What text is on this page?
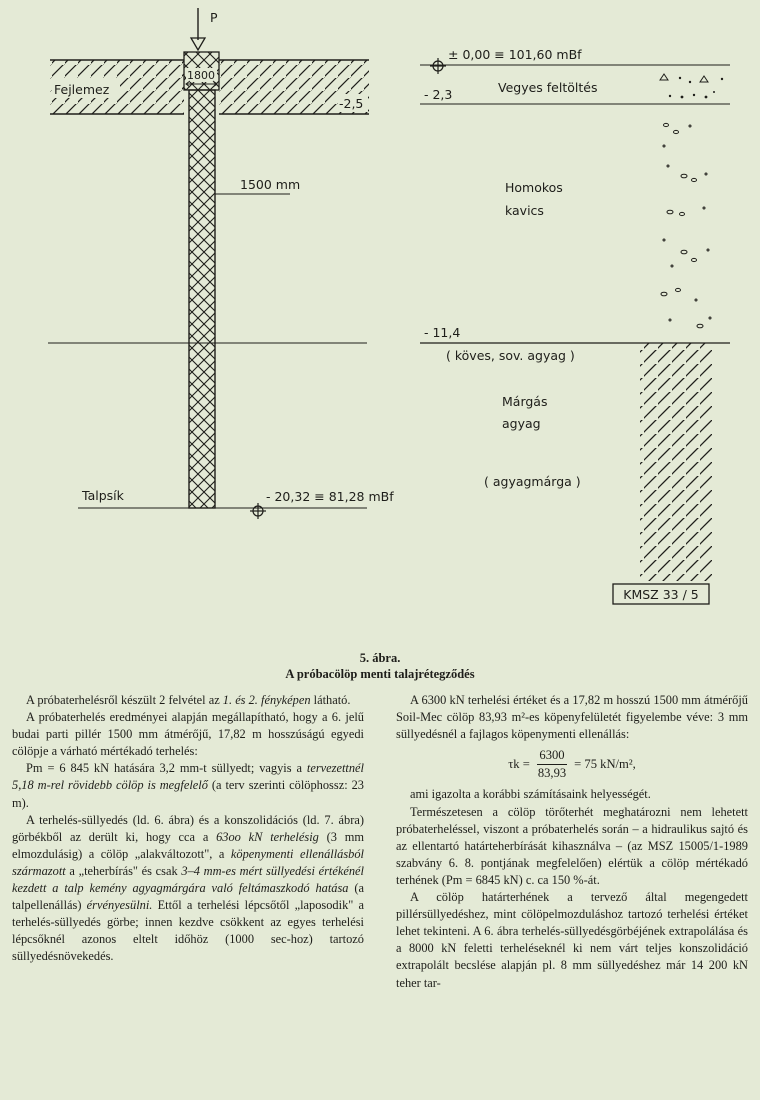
P
1800
Fejlemez
-2,5
1500 mm
Talpsík	- 20,32 ≡ 81,28 mBf
± 0,00 ≡ 101,60 mBf
Vegyes feltöltés
- 2,3
Homokos
kavics
- 11,4
( köves, sov. agyag )
Márgás
agyag
( agyagmárga )
KMSZ 33 / 5
5. ábra.
A próbacölöp menti talajrétegződés

A próbaterhelésről készült 2 felvétel az 1. és 2. fényképen látható.

A próbaterhelés eredményei alapján megállapítható, hogy a 6. jelű budai parti pillér 1500 mm átmérőjű, 17,82 m hosszúságú egyedi cölöpje a várható mértékadó terhelés:

Pm = 6 845 kN hatására 3,2 mm-t süllyedt; vagyis a tervezettnél 5,18 m-rel rövidebb cölöp is megfelelő (a terv szerinti cölöphossz: 23 m).

A terhelés-süllyedés (ld. 6. ábra) és a konszolidációs (ld. 7. ábra) görbékből az derült ki, hogy cca a 63oo kN terhelésig (3 mm elmozdulásig) a cölöp „alakváltozott", a köpenymenti ellenállásból származott a „teherbírás" és csak 3–4 mm-es mért süllyedési értékénél kezdett a talp kemény agyagmárgára való feltámaszkodó hatása (a talpellenállás) érvényesülni. Ettől a terhelési lépcsőtől „laposodik" a terhelés-süllyedés görbe; innen kezdve csökkent az egyes terhelési lépcsőknél azonos eltelt időhöz (1000 sec-hoz) tartozó süllyedésnövekedés.

A 6300 kN terhelési értéket és a 17,82 m hosszú 1500 mm átmérőjű Soil-Mec cölöp 83,93 m²-es köpenyfelületét figyelembe véve: 3 mm süllyedésnél a fajlagos köpenymenti ellenállás:

$\tau k = \frac{6300}{83,93} = 75$ kN/m²,

ami igazolta a korábbi számításaink helyességét.

Természetesen a cölöp törőterhét meghatározni nem lehetett próbaterheléssel, viszont a próbaterhelés során – a hidraulikus sajtó és az ellentartó határteherbírását kihasználva – (az MSZ 15005/1-1989 szabvány 6. 8. pontjának megfelelően) elértük a cölöp mértékadó terhének (Pm = 6845 kN) c. ca 150 %-át.

A cölöp határterhének a tervező által megengedett pillérsüllyedéshez, mint cölöpelmozduláshoz tartozó terhelési értéket lehet tekinteni. A 6. ábra terhelés-süllyedésgörbéjének extrapolálása és a 8000 kN feletti terheléseknél ki nem várt teljes konszolidáció extrapolált becslése alapján pl. 8 mm süllyedéshez már 14 200 kN teher tar-
